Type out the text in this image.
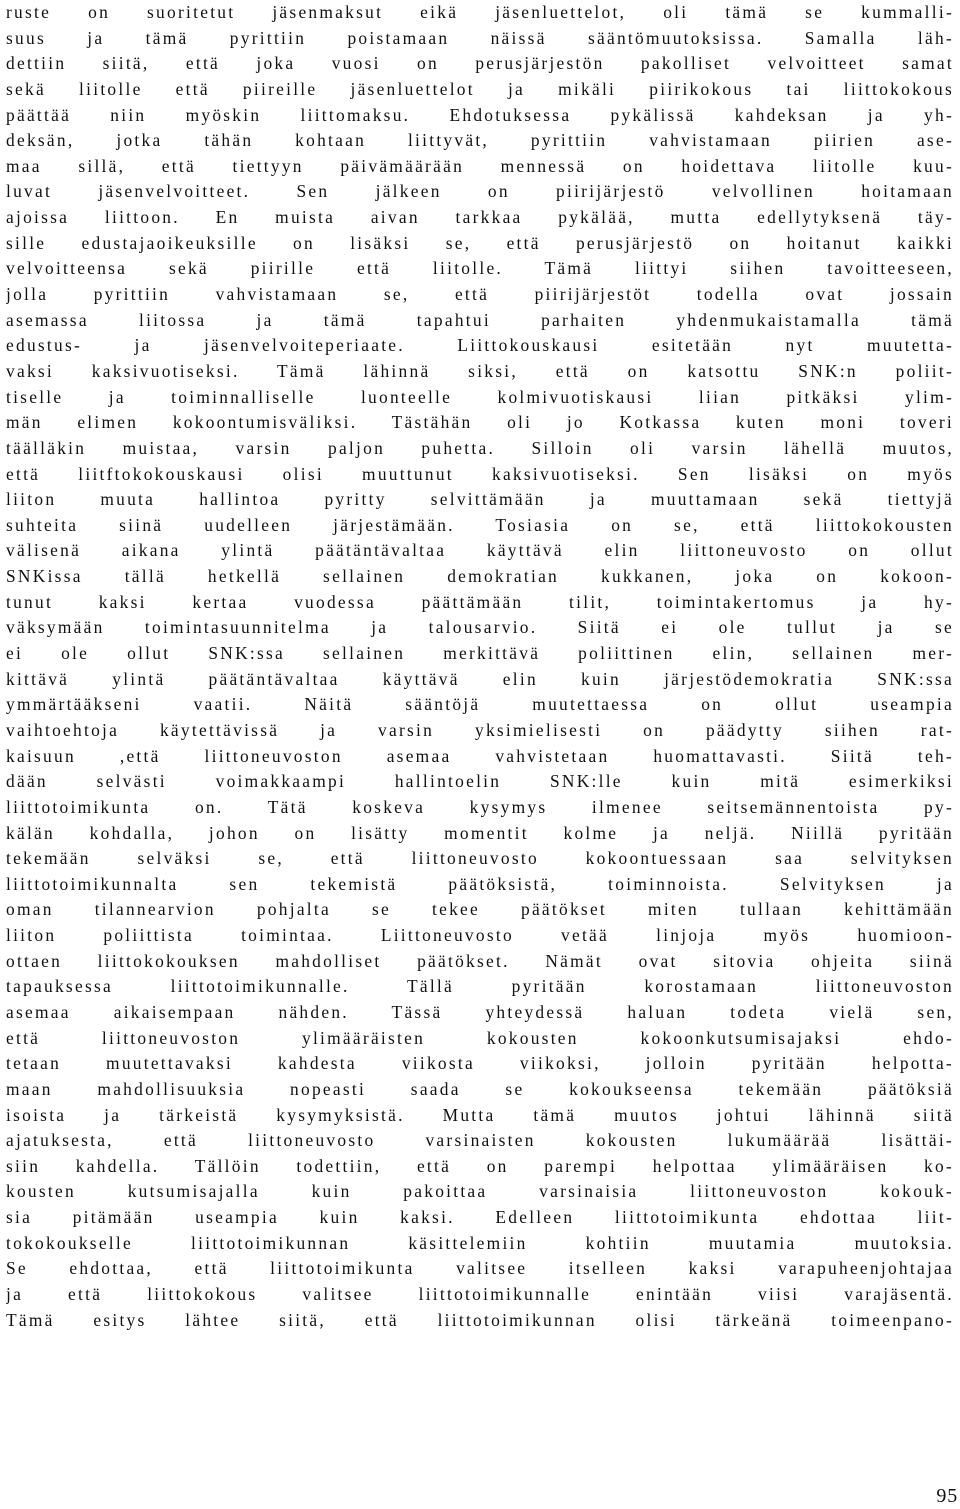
ruste on suoritetut jäsenmaksut eikä jäsenluettelot, oli tämä se kummalli-
suus ja tämä pyrittiin poistamaan näissä sääntömuutoksissa. Samalla läh-
dettiin siitä, että joka vuosi on perusjärjestön pakolliset velvoitteet samat
sekä liitolle että piireille jäsenluettelot ja mikäli piirikokous tai liittokokous
päättää niin myöskin liittomaksu. Ehdotuksessa pykälissä kahdeksan ja yh-
deksän, jotka tähän kohtaan liittyvät, pyrittiin vahvistamaan piirien ase-
maa sillä, että tiettyyn päivämäärään mennessä on hoidettava liitolle kuu-
luvat jäsenvelvoitteet. Sen jälkeen on piirijärjestö velvollinen hoitamaan
ajoissa liittoon. En muista aivan tarkkaa pykälää, mutta edellytyksenä täy-
sille edustajaoikeuksille on lisäksi se, että perusjärjestö on hoitanut kaikki
velvoitteensa sekä piirille että liitolle. Tämä liittyi siihen tavoitteeseen,
jolla pyrittiin vahvistamaan se, että piirijärjestöt todella ovat jossain
asemassa liitossa ja tämä tapahtui parhaiten yhdenmukaistamalla tämä
edustus- ja jäsenvelvoiteperiaate. Liittokouskausi esitetään nyt muutetta-
vaksi kaksivuotiseksi. Tämä lähinnä siksi, että on katsottu SNK:n poliit-
tiselle ja toiminnalliselle luonteelle kolmivuotiskausi liian pitkäksi ylim-
män elimen kokoontumisväliksi. Tästähän oli jo Kotkassa kuten moni toveri
täälläkin muistaa, varsin paljon puhetta. Silloin oli varsin lähellä muutos,
että liitftokokouskausi olisi muuttunut kaksivuotiseksi. Sen lisäksi on myös
liiton muuta hallintoa pyritty selvittämään ja muuttamaan sekä tiettyjä
suhteita siinä uudelleen järjestämään. Tosiasia on se, että liittokokousten
välisenä aikana ylintä päätäntävaltaa käyttävä elin liittoneuvosto on ollut
SNKissa tällä hetkellä sellainen demokratian kukkanen, joka on kokoon-
tunut kaksi kertaa vuodessa päättämään tilit, toimintakertomus ja hy-
väksymään toimintasuunnitelma ja talousarvio. Siitä ei ole tullut ja se
ei ole ollut SNK:ssa sellainen merkittävä poliittinen elin, sellainen mer-
kittävä ylintä päätäntävaltaa käyttävä elin kuin järjestödemokratia SNK:ssa
ymmärtääkseni vaatii. Näitä sääntöjä muutettaessa on ollut useampia
vaihtoehtoja käytettävissä ja varsin yksimielisesti on päädytty siihen rat-
kaisuun ,että liittoneuvoston asemaa vahvistetaan huomattavasti. Siitä teh-
dään selvästi voimakkaampi hallintoelin SNK:lle kuin mitä esimerkiksi
liittotoimikunta on. Tätä koskeva kysymys ilmenee seitsemännentoista py-
kälän kohdalla, johon on lisätty momentit kolme ja neljä. Niillä pyritään
tekemään selväksi se, että liittoneuvosto kokoontuessaan saa selvityksen
liittotoimikunnalta sen tekemistä päätöksistä, toiminnoista. Selvityksen ja
oman tilannearvion pohjalta se tekee päätökset miten tullaan kehittämään
liiton poliittista toimintaa. Liittoneuvosto vetää linjoja myös huomioon-
ottaen liittokokouksen mahdolliset päätökset. Nämät ovat sitovia ohjeita siinä
tapauksessa liittotoimikunnalle. Tällä pyritään korostamaan liittoneuvoston
asemaa aikaisempaan nähden. Tässä yhteydessä haluan todeta vielä sen,
että liittoneuvoston ylimääräisten kokousten kokoonkutsumisajaksi ehdo-
tetaan muutettavaksi kahdesta viikosta viikoksi, jolloin pyritään helpotta-
maan mahdollisuuksia nopeasti saada se kokoukseensa tekemään päätöksiä
isoista ja tärkeistä kysymyksistä. Mutta tämä muutos johtui lähinnä siitä
ajatuksesta, että liittoneuvosto varsinaisten kokousten lukumäärää lisättäi-
siin kahdella. Tällöin todettiin, että on parempi helpottaa ylimääräisen ko-
kousten kutsumisajalla kuin pakoittaa varsinaisia liittoneuvoston kokouk-
sia pitämään useampia kuin kaksi. Edelleen liittotoimikunta ehdottaa liit-
tokokoukselle liittotoimikunnan käsittelemiin kohtiin muutamia muutoksia.
Se ehdottaa, että liittotoimikunta valitsee itselleen kaksi varapuheenjohtajaa
ja että liittokokous valitsee liittotoimikunnalle enintään viisi varajäsentä.
Tämä esitys lähtee siitä, että liittotoimikunnan olisi tärkeänä toimeenpano-
95
